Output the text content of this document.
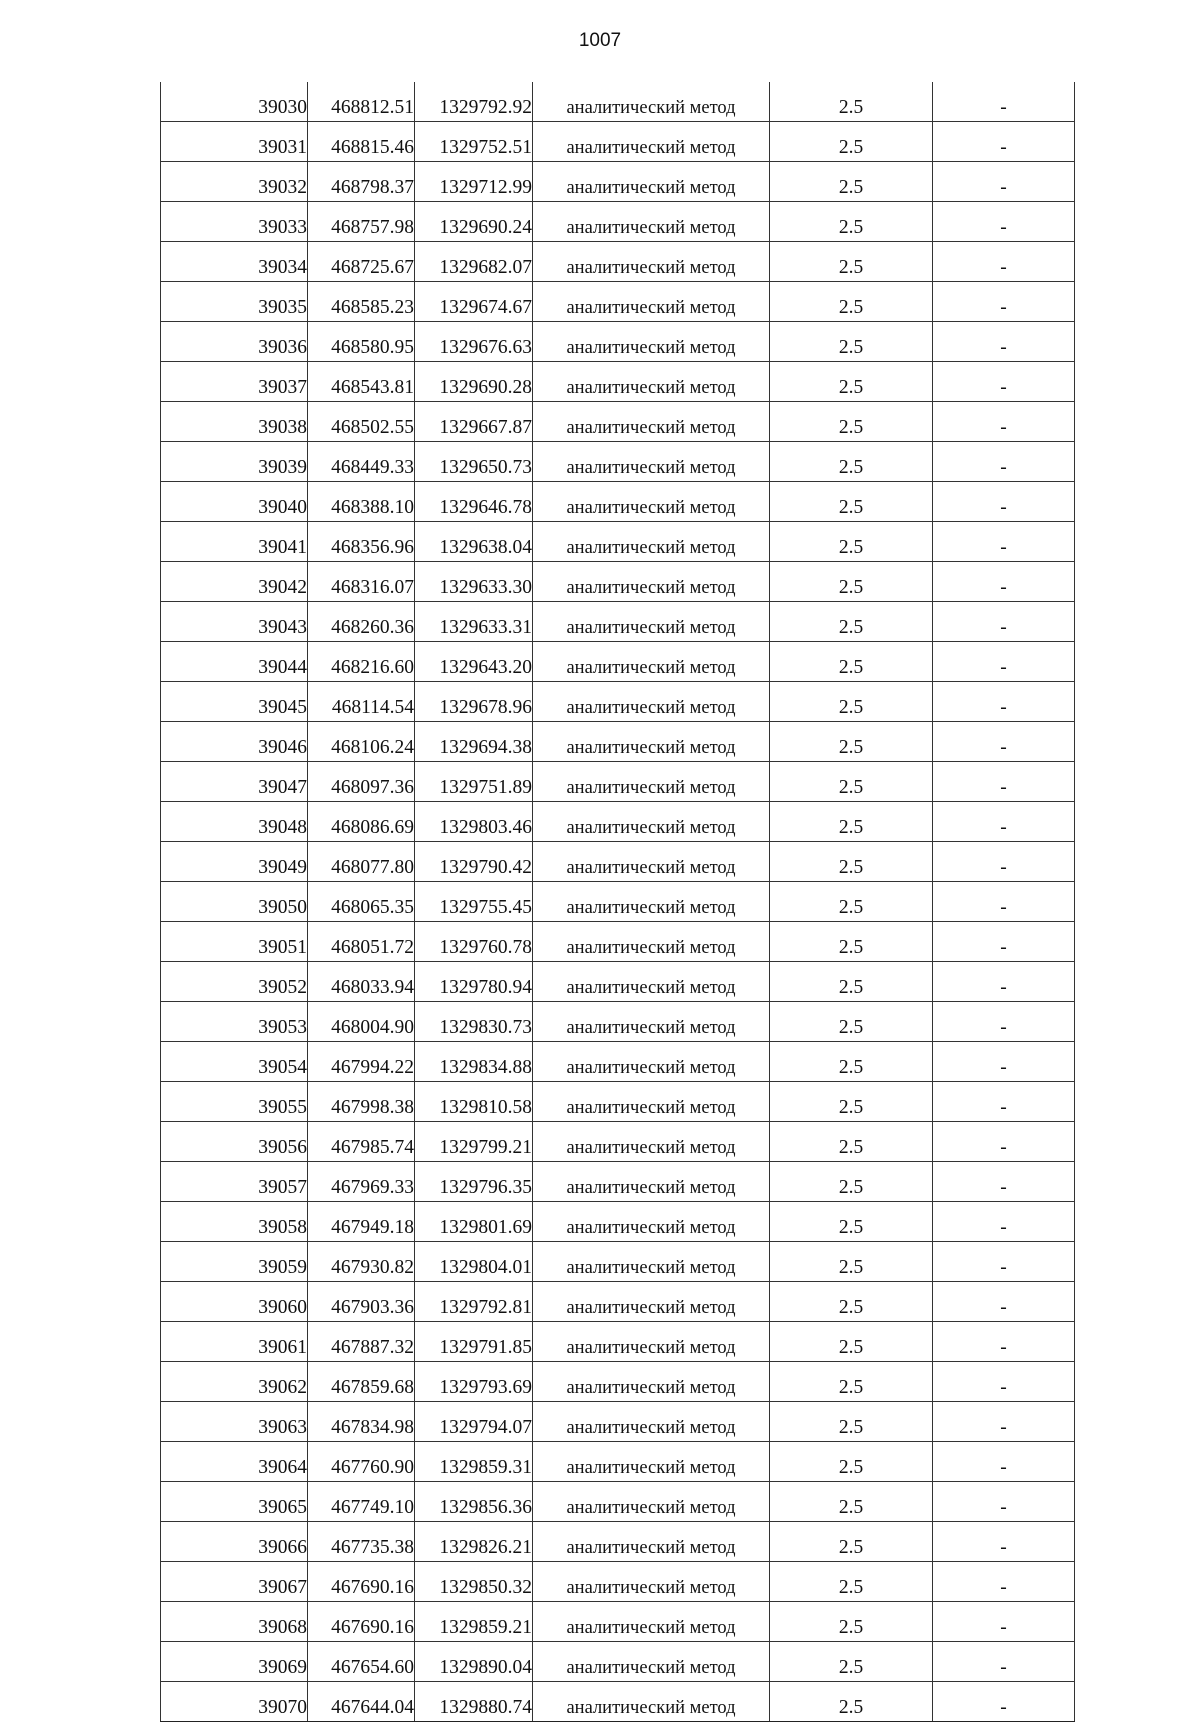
1007
39030	468812.51	1329792.92	аналитический метод	2.5	-
39031	468815.46	1329752.51	аналитический метод	2.5	-
39032	468798.37	1329712.99	аналитический метод	2.5	-
39033	468757.98	1329690.24	аналитический метод	2.5	-
39034	468725.67	1329682.07	аналитический метод	2.5	-
39035	468585.23	1329674.67	аналитический метод	2.5	-
39036	468580.95	1329676.63	аналитический метод	2.5	-
39037	468543.81	1329690.28	аналитический метод	2.5	-
39038	468502.55	1329667.87	аналитический метод	2.5	-
39039	468449.33	1329650.73	аналитический метод	2.5	-
39040	468388.10	1329646.78	аналитический метод	2.5	-
39041	468356.96	1329638.04	аналитический метод	2.5	-
39042	468316.07	1329633.30	аналитический метод	2.5	-
39043	468260.36	1329633.31	аналитический метод	2.5	-
39044	468216.60	1329643.20	аналитический метод	2.5	-
39045	468114.54	1329678.96	аналитический метод	2.5	-
39046	468106.24	1329694.38	аналитический метод	2.5	-
39047	468097.36	1329751.89	аналитический метод	2.5	-
39048	468086.69	1329803.46	аналитический метод	2.5	-
39049	468077.80	1329790.42	аналитический метод	2.5	-
39050	468065.35	1329755.45	аналитический метод	2.5	-
39051	468051.72	1329760.78	аналитический метод	2.5	-
39052	468033.94	1329780.94	аналитический метод	2.5	-
39053	468004.90	1329830.73	аналитический метод	2.5	-
39054	467994.22	1329834.88	аналитический метод	2.5	-
39055	467998.38	1329810.58	аналитический метод	2.5	-
39056	467985.74	1329799.21	аналитический метод	2.5	-
39057	467969.33	1329796.35	аналитический метод	2.5	-
39058	467949.18	1329801.69	аналитический метод	2.5	-
39059	467930.82	1329804.01	аналитический метод	2.5	-
39060	467903.36	1329792.81	аналитический метод	2.5	-
39061	467887.32	1329791.85	аналитический метод	2.5	-
39062	467859.68	1329793.69	аналитический метод	2.5	-
39063	467834.98	1329794.07	аналитический метод	2.5	-
39064	467760.90	1329859.31	аналитический метод	2.5	-
39065	467749.10	1329856.36	аналитический метод	2.5	-
39066	467735.38	1329826.21	аналитический метод	2.5	-
39067	467690.16	1329850.32	аналитический метод	2.5	-
39068	467690.16	1329859.21	аналитический метод	2.5	-
39069	467654.60	1329890.04	аналитический метод	2.5	-
39070	467644.04	1329880.74	аналитический метод	2.5	-
